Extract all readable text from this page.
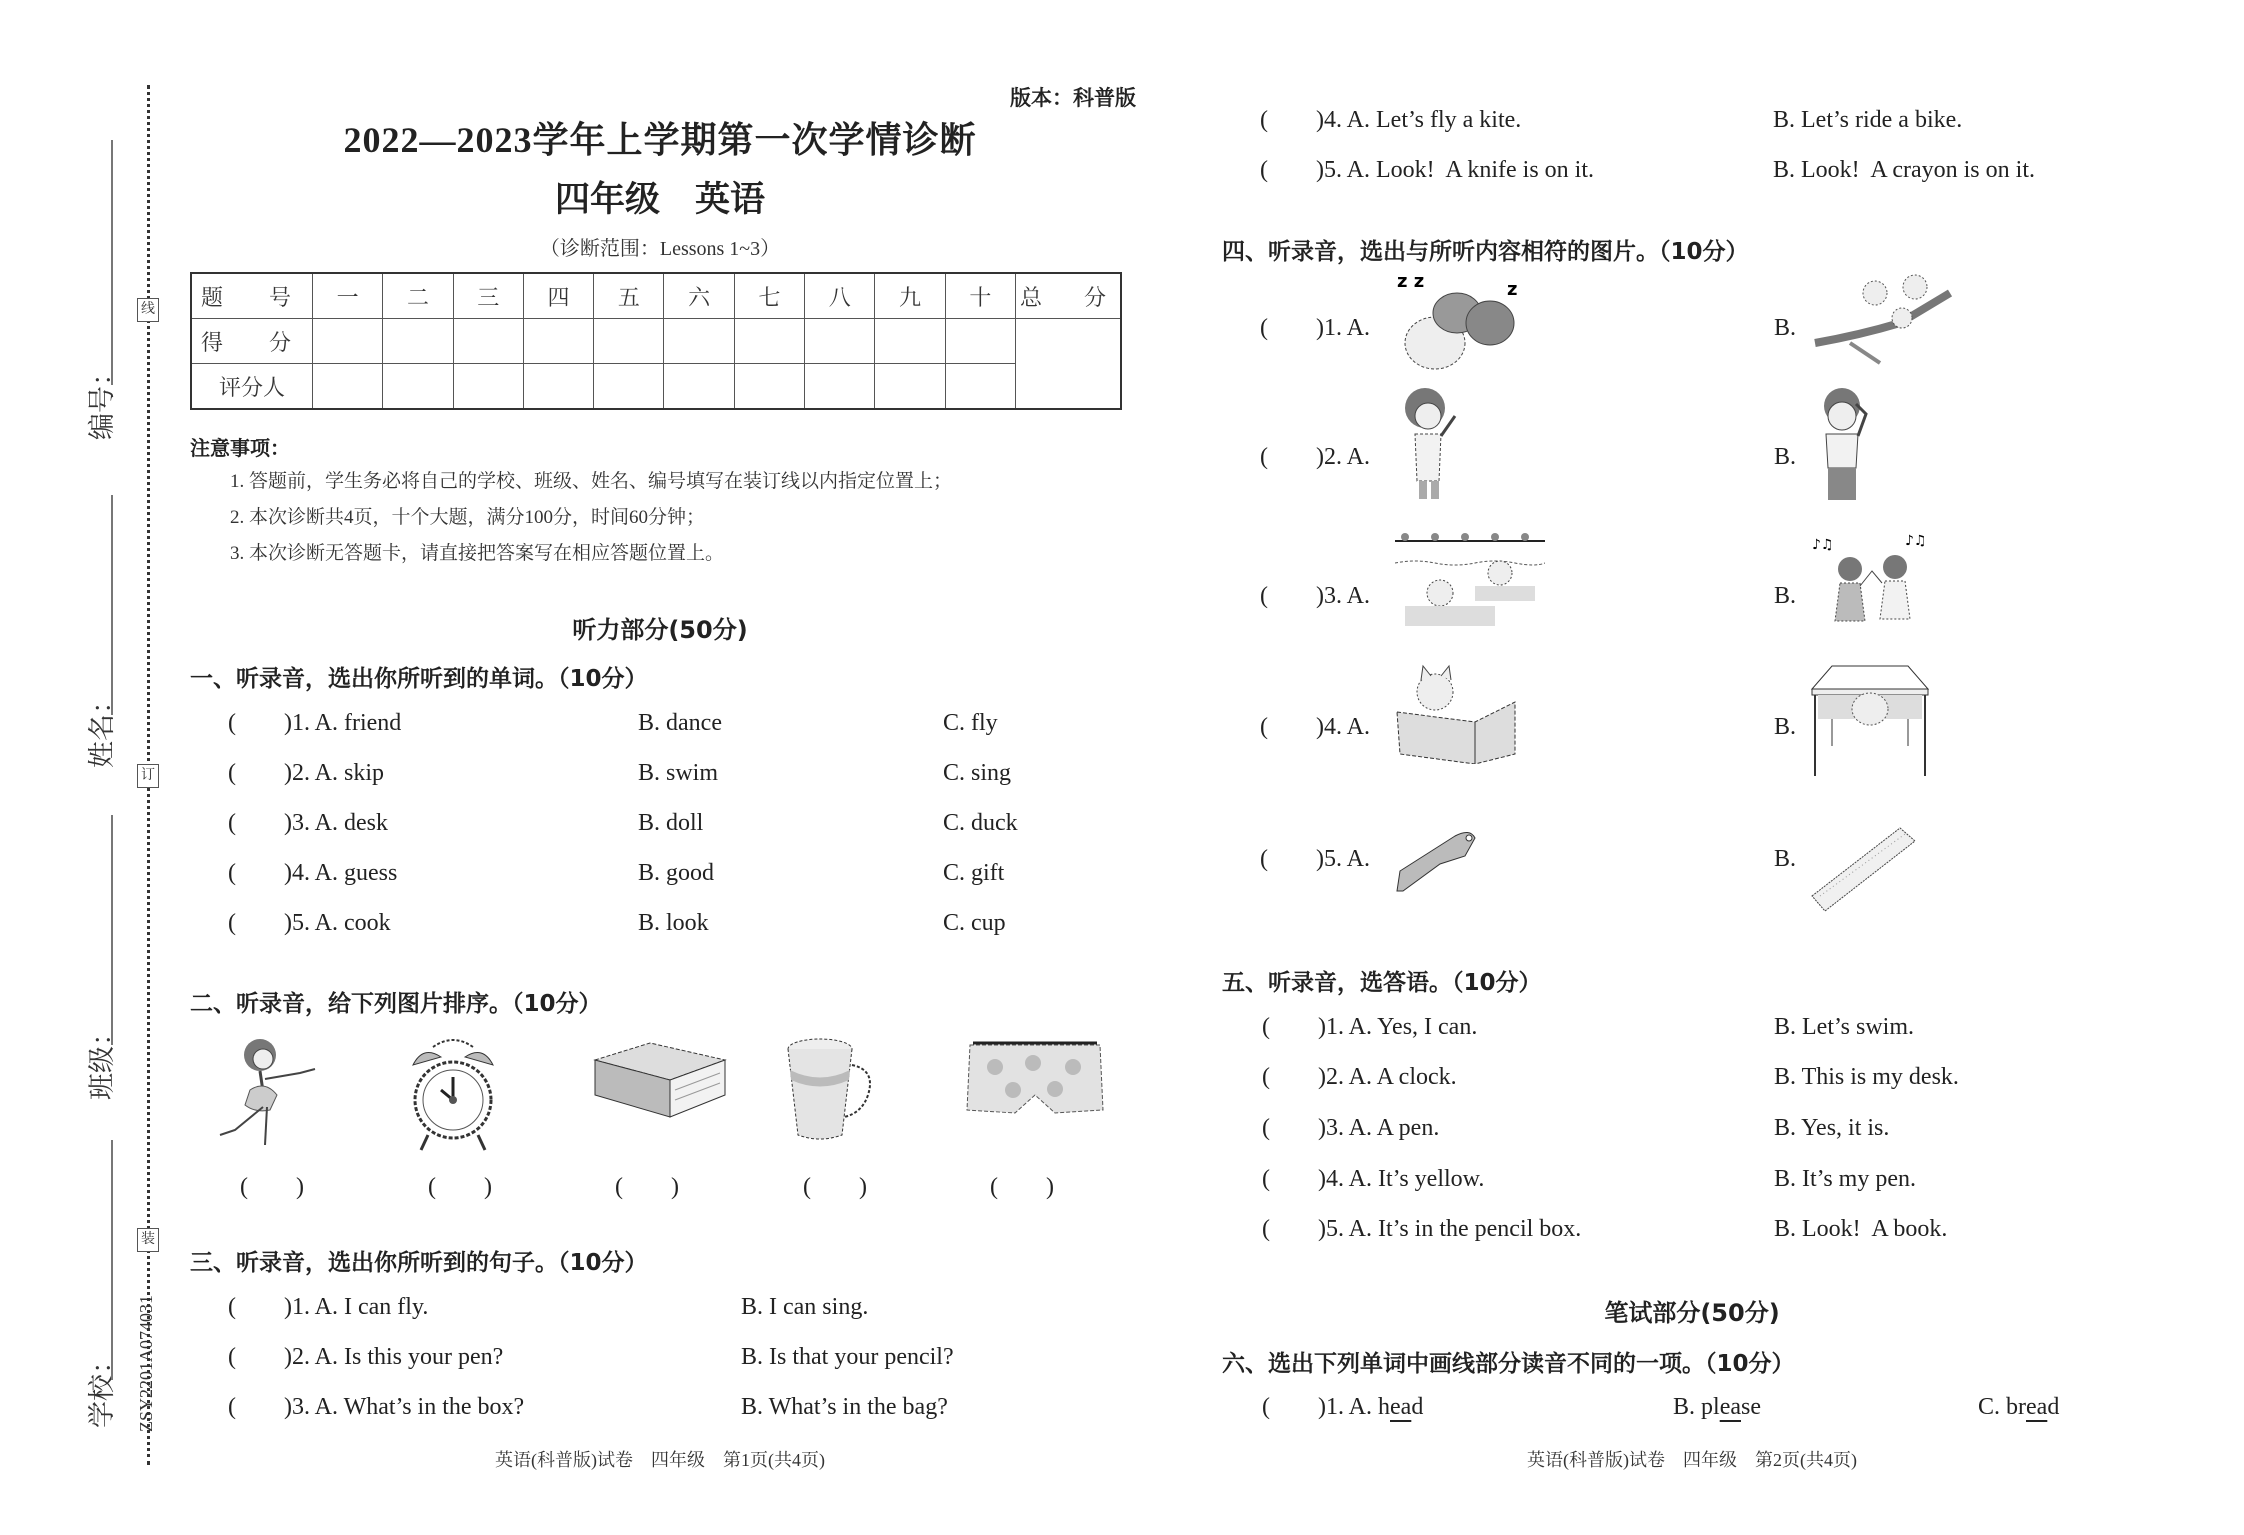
线
订
装
编号：
姓名：
班级：
学校： ZSY2201A074031
版本：科普版
2022—2023学年上学期第一次学情诊断
四年级　英语
（诊断范围：Lessons 1~3）
题　号	一	二	三	四	五	六	七	八	九	十	总　分
得　分											
评分人											
注意事项：
1. 答题前，学生务必将自己的学校、班级、姓名、编号填写在装订线以内指定位置上；
2. 本次诊断共4页，十个大题，满分100分，时间60分钟；
3. 本次诊断无答题卡，请直接把答案写在相应答题位置上。
听力部分(50分)
一、听录音，选出你所听到的单词。（10分）
( )1. A. friend	B. dance	C. fly
( )2. A. skip	B. swim	C. sing
( )3. A. desk	B. doll	C. duck
( )4. A. guess	B. good	C. gift
( )5. A. cook	B. look	C. cup
二、听录音，给下列图片排序。（10分）
(　　)	(　　)	(　　)	(　　)	(　　)
三、听录音，选出你所听到的句子。（10分）
( )1. A. I can fly.	B. I can sing.
( )2. A. Is this your pen?	B. Is that your pencil?
( )3. A. What’s in the box?	B. What’s in the bag?
( )4. A. Let’s fly a kite.	B. Let’s ride a bike.
( )5. A. Look!  A knife is on it.	B. Look!  A crayon is on it.
英语(科普版)试卷　四年级　第1页(共4页)
四、听录音，选出与所听内容相符的图片。（10分）
( )1. A.	B.
z z	z
( )2. A.	B.
( )3. A.	B.
♪♫	♪♫
( )4. A.	B.
( )5. A.	B.
五、听录音，选答语。（10分）
( )1. A. Yes, I can.	B. Let’s swim.
( )2. A. A clock.	B. This is my desk.
( )3. A. A pen.	B. Yes, it is.
( )4. A. It’s yellow.	B. It’s my pen.
( )5. A. It’s in the pencil box.	B. Look!  A book.
笔试部分(50分)
六、选出下列单词中画线部分读音不同的一项。（10分）
( )1. A. head	B. please	C. bread
英语(科普版)试卷　四年级　第2页(共4页)
